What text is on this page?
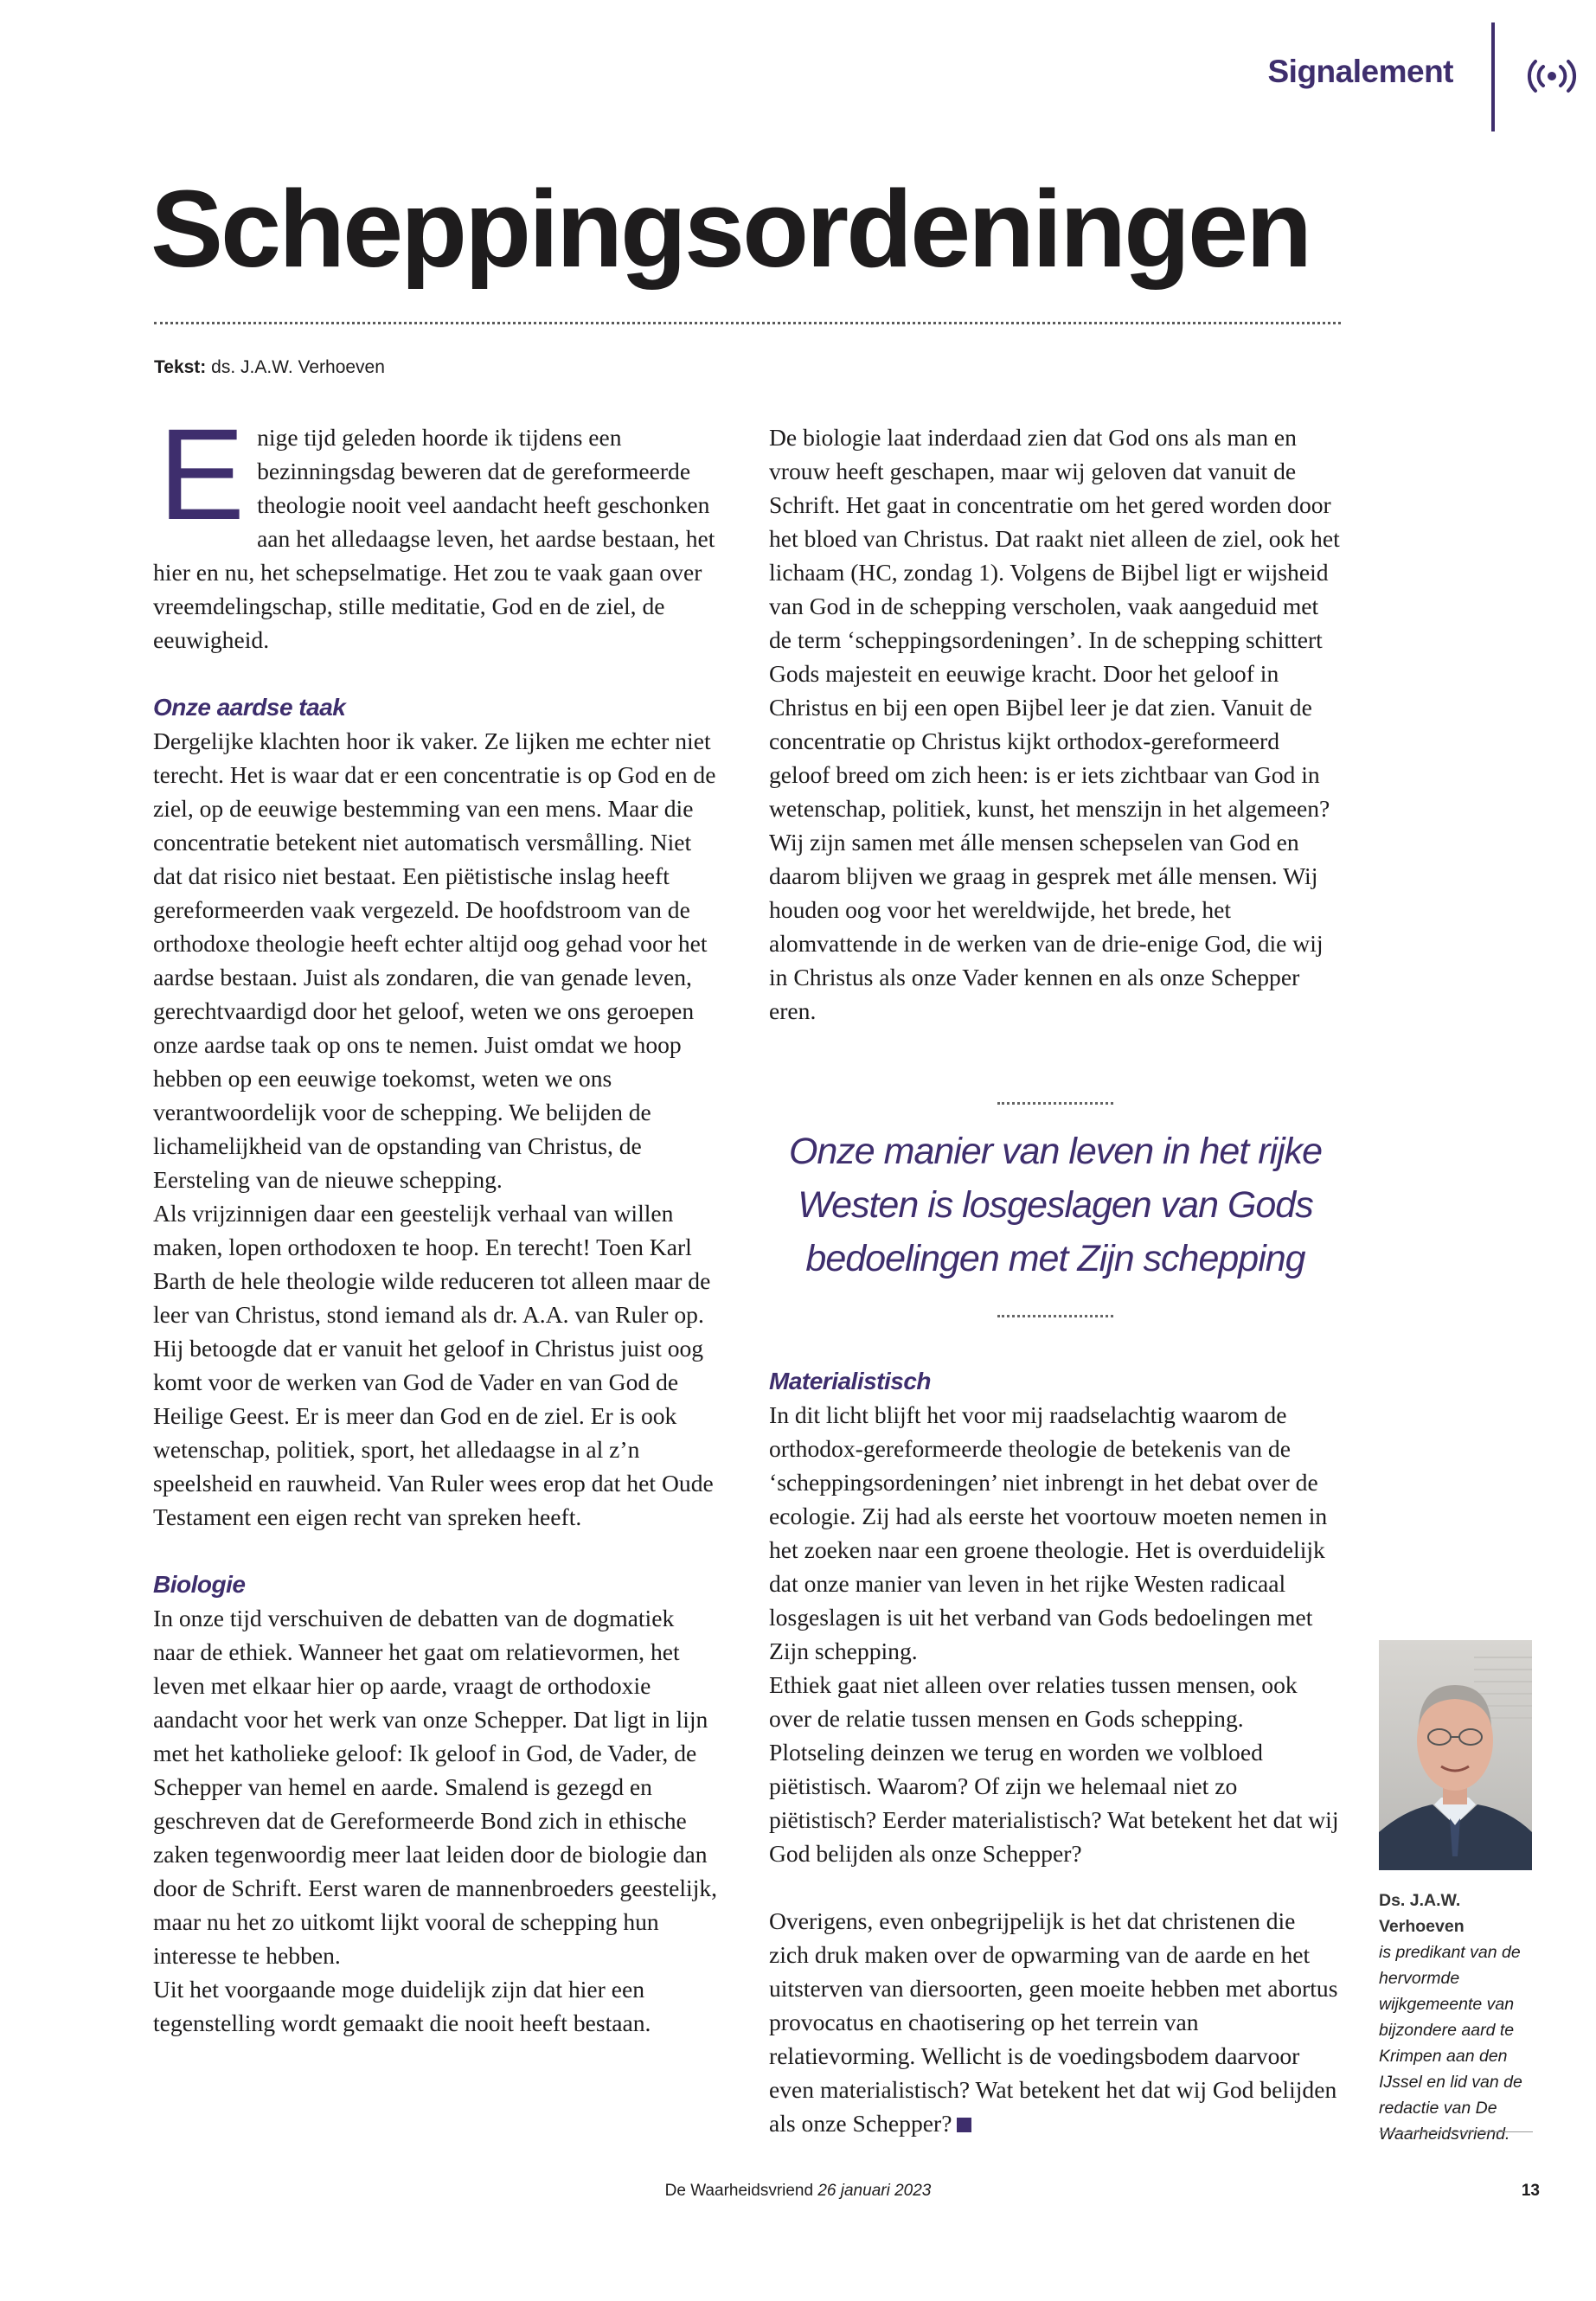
Signalement
Scheppingsordeningen
Tekst: ds. J.A.W. Verhoeven

Enige tijd geleden hoorde ik tijdens een bezinningsdag beweren dat de gereformeerde theologie nooit veel aandacht heeft geschonken aan het alledaagse leven, het aardse bestaan, het hier en nu, het schepselmatige. Het zou te vaak gaan over vreemdelingschap, stille meditatie, God en de ziel, de eeuwigheid.

Onze aardse taak

Dergelijke klachten hoor ik vaker. Ze lijken me echter niet terecht. Het is waar dat er een concentratie is op God en de ziel, op de eeuwige bestemming van een mens. Maar die concentratie betekent niet automatisch versmålling. Niet dat dat risico niet bestaat. Een piëtistische inslag heeft gereformeerden vaak vergezeld. De hoofdstroom van de orthodoxe theologie heeft echter altijd oog gehad voor het aardse bestaan. Juist als zondaren, die van genade leven, gerechtvaardigd door het geloof, weten we ons geroepen onze aardse taak op ons te nemen. Juist omdat we hoop hebben op een eeuwige toekomst, weten we ons verantwoordelijk voor de schepping. We belijden de lichamelijkheid van de opstanding van Christus, de Eersteling van de nieuwe schepping.

Als vrijzinnigen daar een geestelijk verhaal van willen maken, lopen orthodoxen te hoop. En terecht! Toen Karl Barth de hele theologie wilde reduceren tot alleen maar de leer van Christus, stond iemand als dr. A.A. van Ruler op. Hij betoogde dat er vanuit het geloof in Christus juist oog komt voor de werken van God de Vader en van God de Heilige Geest. Er is meer dan God en de ziel. Er is ook wetenschap, politiek, sport, het alledaagse in al z’n speelsheid en rauwheid. Van Ruler wees erop dat het Oude Testament een eigen recht van spreken heeft.

Biologie

In onze tijd verschuiven de debatten van de dogmatiek naar de ethiek. Wanneer het gaat om relatievormen, het leven met elkaar hier op aarde, vraagt de orthodoxie aandacht voor het werk van onze Schepper. Dat ligt in lijn met het katholieke geloof: Ik geloof in God, de Vader, de Schepper van hemel en aarde. Smalend is gezegd en geschreven dat de Gereformeerde Bond zich in ethische zaken tegenwoordig meer laat leiden door de biologie dan door de Schrift. Eerst waren de mannenbroeders geestelijk, maar nu het zo uitkomt lijkt vooral de schepping hun interesse te hebben.

Uit het voorgaande moge duidelijk zijn dat hier een tegenstelling wordt gemaakt die nooit heeft bestaan.

De biologie laat inderdaad zien dat God ons als man en vrouw heeft geschapen, maar wij geloven dat vanuit de Schrift. Het gaat in concentratie om het gered worden door het bloed van Christus. Dat raakt niet alleen de ziel, ook het lichaam (HC, zondag 1). Volgens de Bijbel ligt er wijsheid van God in de schepping verscholen, vaak aangeduid met de term ‘scheppingsordeningen’. In de schepping schittert Gods majesteit en eeuwige kracht. Door het geloof in Christus en bij een open Bijbel leer je dat zien. Vanuit de concentratie op Christus kijkt orthodox-gereformeerd geloof breed om zich heen: is er iets zichtbaar van God in wetenschap, politiek, kunst, het menszijn in het algemeen? Wij zijn samen met álle mensen schepselen van God en daarom blijven we graag in gesprek met álle mensen. Wij houden oog voor het wereldwijde, het brede, het alomvattende in de werken van de drie-enige God, die wij in Christus als onze Vader kennen en als onze Schepper eren.

Onze manier van leven in het rijke Westen is losgeslagen van Gods bedoelingen met Zijn schepping
Materialistisch

In dit licht blijft het voor mij raadselachtig waarom de orthodox-gereformeerde theologie de betekenis van de ‘scheppingsordeningen’ niet inbrengt in het debat over de ecologie. Zij had als eerste het voortouw moeten nemen in het zoeken naar een groene theologie. Het is overduidelijk dat onze manier van leven in het rijke Westen radicaal losgeslagen is uit het verband van Gods bedoelingen met Zijn schepping.

Ethiek gaat niet alleen over relaties tussen mensen, ook over de relatie tussen mensen en Gods schepping. Plotseling deinzen we terug en worden we volbloed piëtistisch. Waarom? Of zijn we helemaal niet zo piëtistisch? Eerder materialistisch? Wat betekent het dat wij God belijden als onze Schepper?

Overigens, even onbegrijpelijk is het dat christenen die zich druk maken over de opwarming van de aarde en het uitsterven van diersoorten, geen moeite hebben met abortus provocatus en chaotisering op het terrein van relatievorming. Wellicht is de voedingsbodem daarvoor even materialistisch? Wat betekent het dat wij God belijden als onze Schepper?

Ds. J.A.W. Verhoeven
is predikant van de hervormde wijkgemeente van bijzondere aard te Krimpen aan den IJssel en lid van de redactie van De Waarheidsvriend.
De Waarheidsvriend 26 januari 2023	13
